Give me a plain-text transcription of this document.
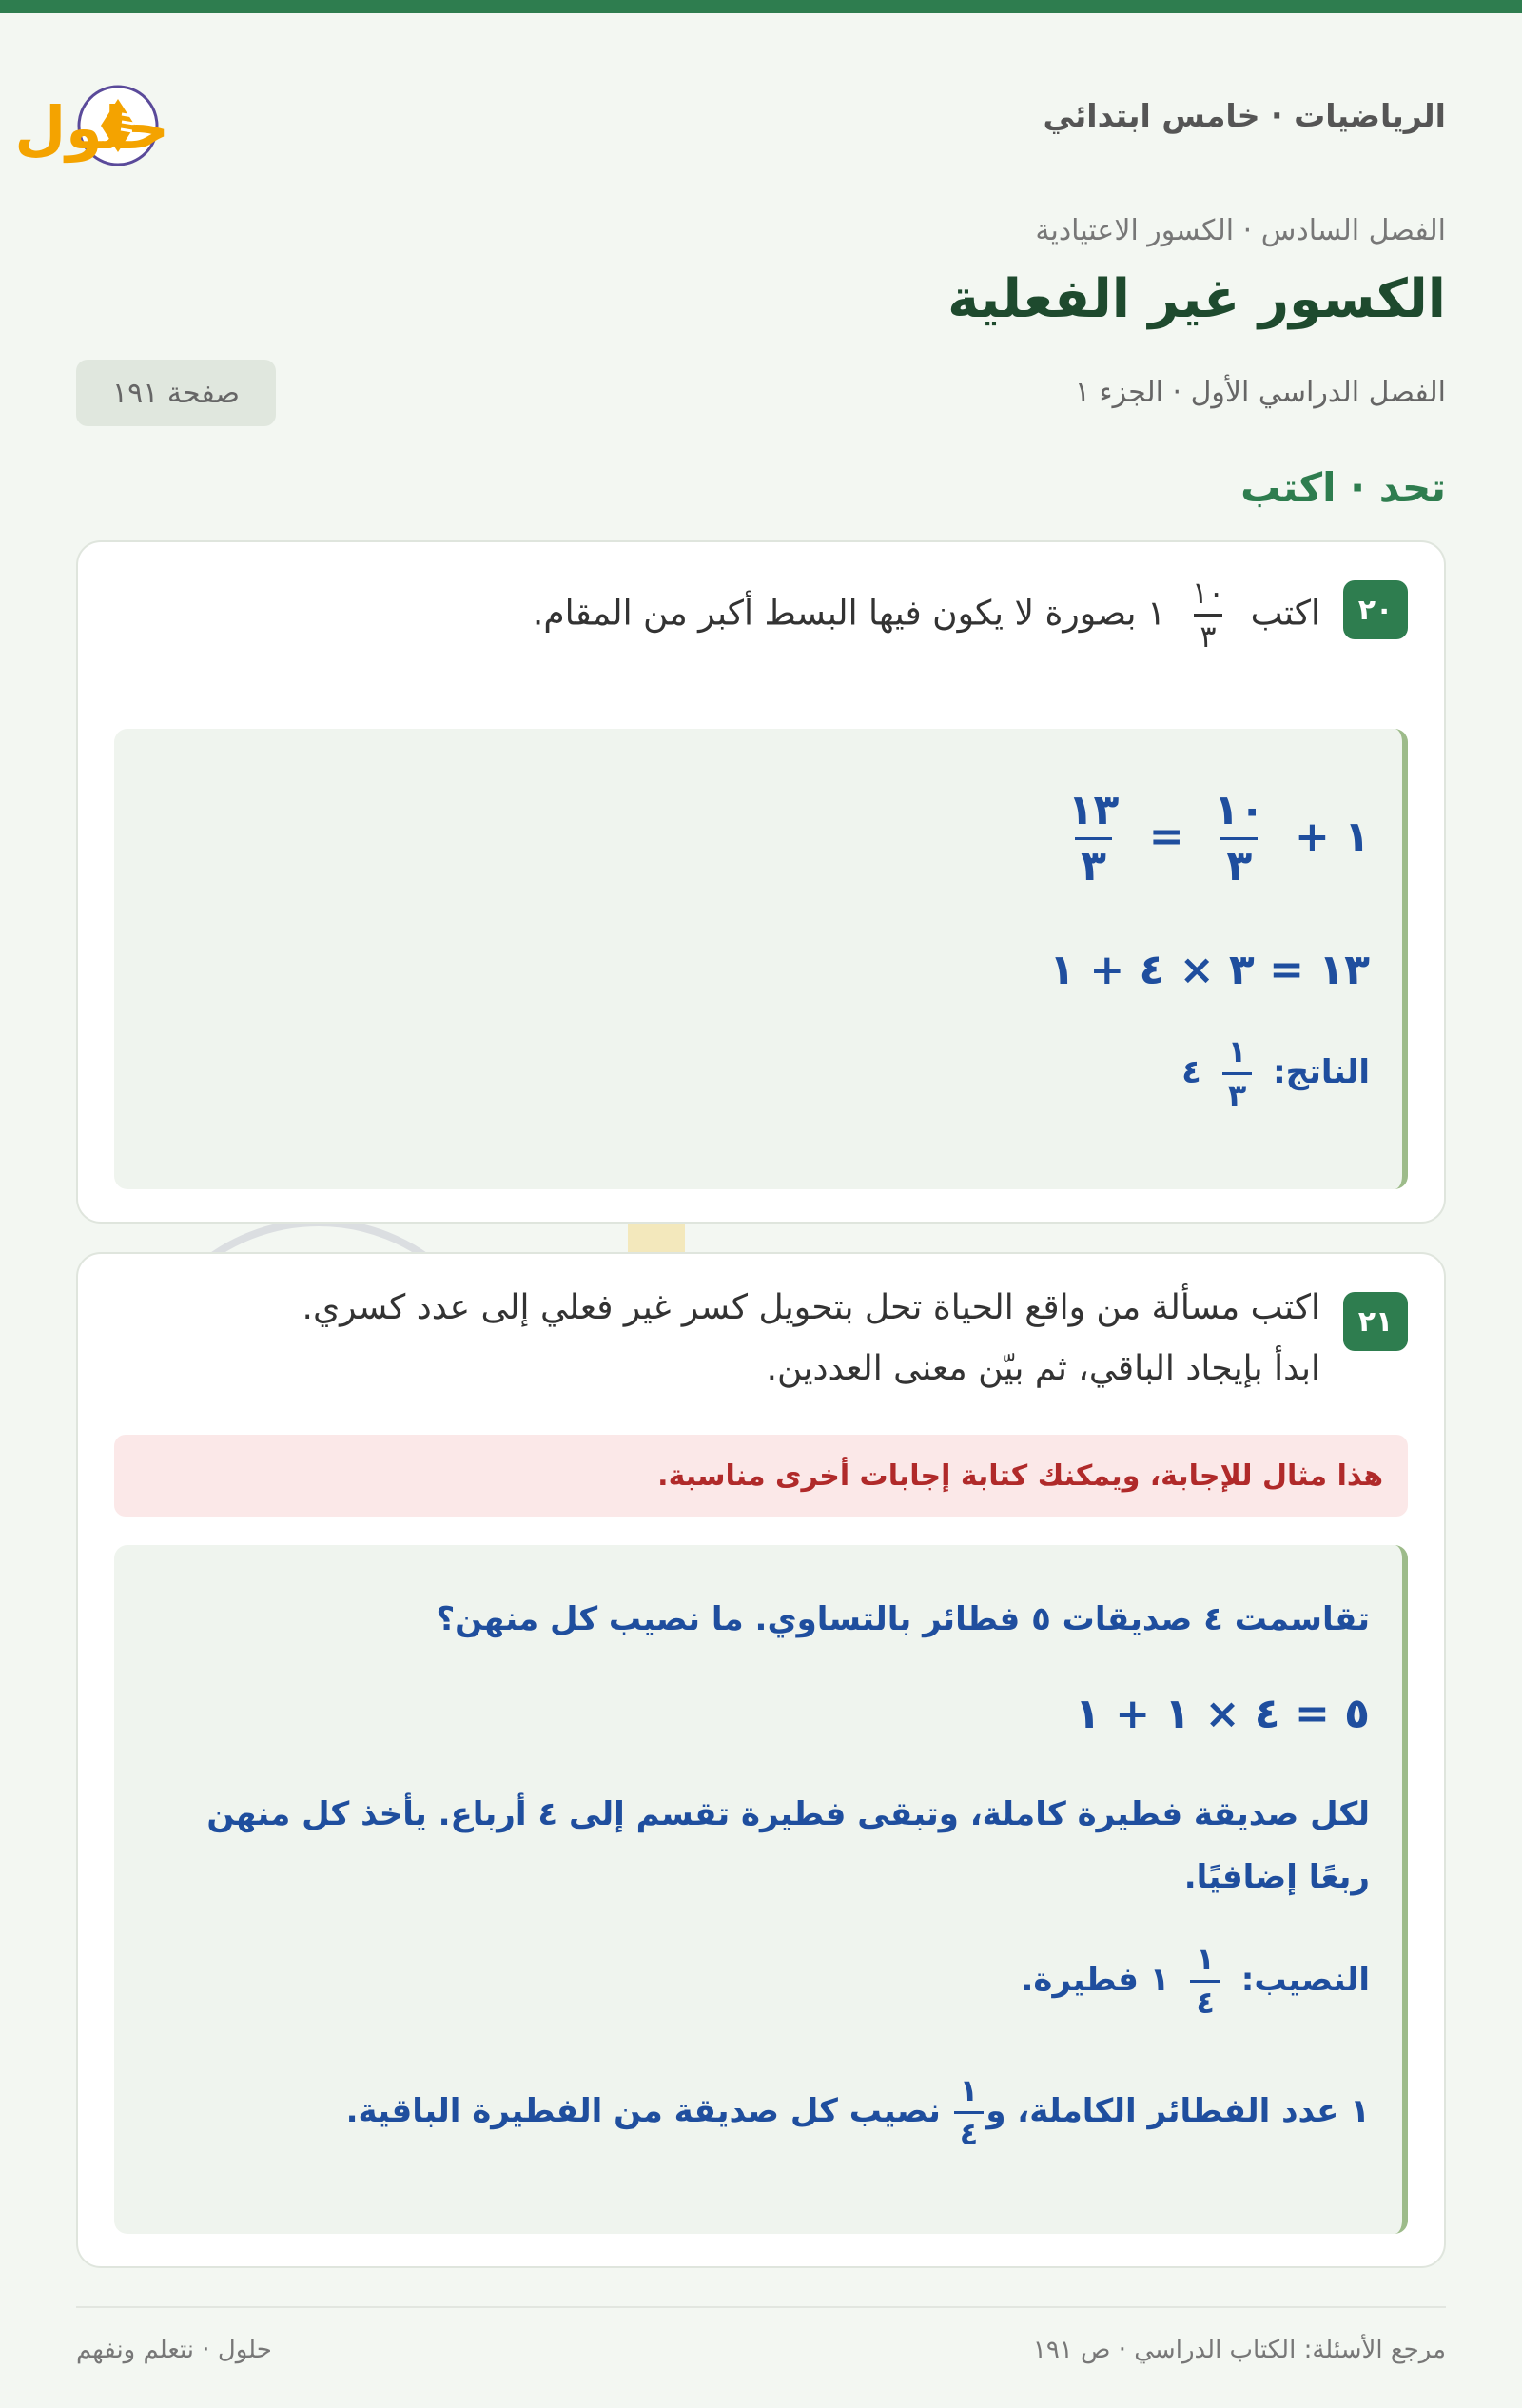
الرياضيات · خامس ابتدائي
حلول
الفصل السادس · الكسور الاعتيادية
الكسور غير الفعلية
الفصل الدراسي الأول · الجزء ١
صفحة ١٩١
تحد · اكتب
٢٠
اكتب
$\frac{١٠}{٣}$
١ بصورة لا يكون فيها البسط أكبر من المقام.
١ +
$\frac{١٠}{٣}$
=
$\frac{١٣}{٣}$
١٣ = ٣ × ٤ + ١
الناتج:
$\frac{١}{٣}$
٤
٢١
اكتب مسألة من واقع الحياة تحل بتحويل كسر غير فعلي إلى عدد كسري.
ابدأ بإيجاد الباقي، ثم بيّن معنى العددين.
هذا مثال للإجابة، ويمكنك كتابة إجابات أخرى مناسبة.
تقاسمت ٤ صديقات ٥ فطائر بالتساوي. ما نصيب كل منهن؟
٥ = ٤ × ١ + ١
لكل صديقة فطيرة كاملة، وتبقى فطيرة تقسم إلى ٤ أرباع. يأخذ كل منهن
ربعًا إضافيًا.
النصيب:
$\frac{١}{٤}$
١ فطيرة.
١ عدد الفطائر الكاملة، و
$\frac{١}{٤}$
نصيب كل صديقة من الفطيرة الباقية.
مرجع الأسئلة: الكتاب الدراسي · ص ١٩١
حلول · نتعلم ونفهم
